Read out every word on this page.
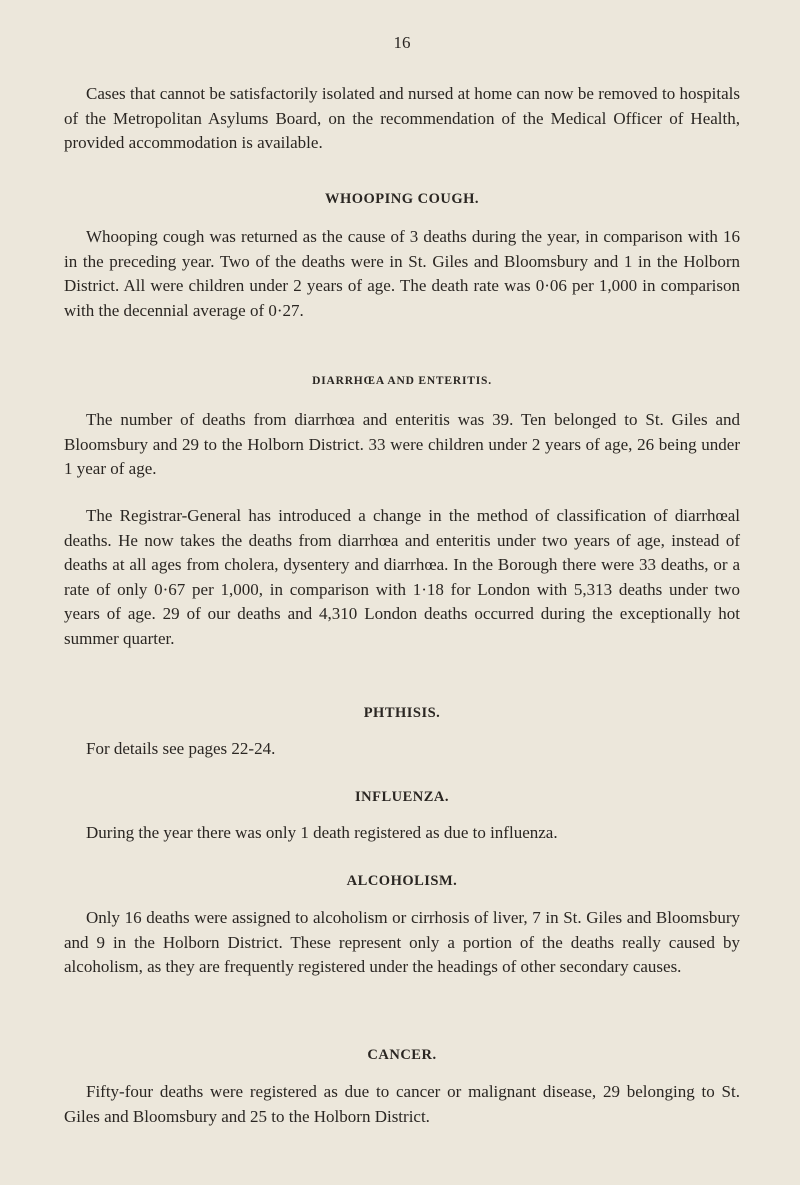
16

Cases that cannot be satisfactorily isolated and nursed at home can now be removed to hospitals of the Metropolitan Asylums Board, on the recommendation of the Medical Officer of Health, provided accommodation is available.

WHOOPING COUGH.

Whooping cough was returned as the cause of 3 deaths during the year, in comparison with 16 in the preceding year. Two of the deaths were in St. Giles and Bloomsbury and 1 in the Holborn District. All were children under 2 years of age. The death rate was 0·06 per 1,000 in comparison with the decennial average of 0·27.

DIARRHŒA AND ENTERITIS.

The number of deaths from diarrhœa and enteritis was 39. Ten belonged to St. Giles and Bloomsbury and 29 to the Holborn District. 33 were children under 2 years of age, 26 being under 1 year of age.

The Registrar-General has introduced a change in the method of classification of diarrhœal deaths. He now takes the deaths from diarrhœa and enteritis under two years of age, instead of deaths at all ages from cholera, dysentery and diarrhœa. In the Borough there were 33 deaths, or a rate of only 0·67 per 1,000, in comparison with 1·18 for London with 5,313 deaths under two years of age. 29 of our deaths and 4,310 London deaths occurred during the exceptionally hot summer quarter.

PHTHISIS.

For details see pages 22-24.

INFLUENZA.

During the year there was only 1 death registered as due to influenza.

ALCOHOLISM.

Only 16 deaths were assigned to alcoholism or cirrhosis of liver, 7 in St. Giles and Bloomsbury and 9 in the Holborn District. These represent only a portion of the deaths really caused by alcoholism, as they are frequently registered under the headings of other secondary causes.

CANCER.

Fifty-four deaths were registered as due to cancer or malignant disease, 29 belonging to St. Giles and Bloomsbury and 25 to the Holborn District.
